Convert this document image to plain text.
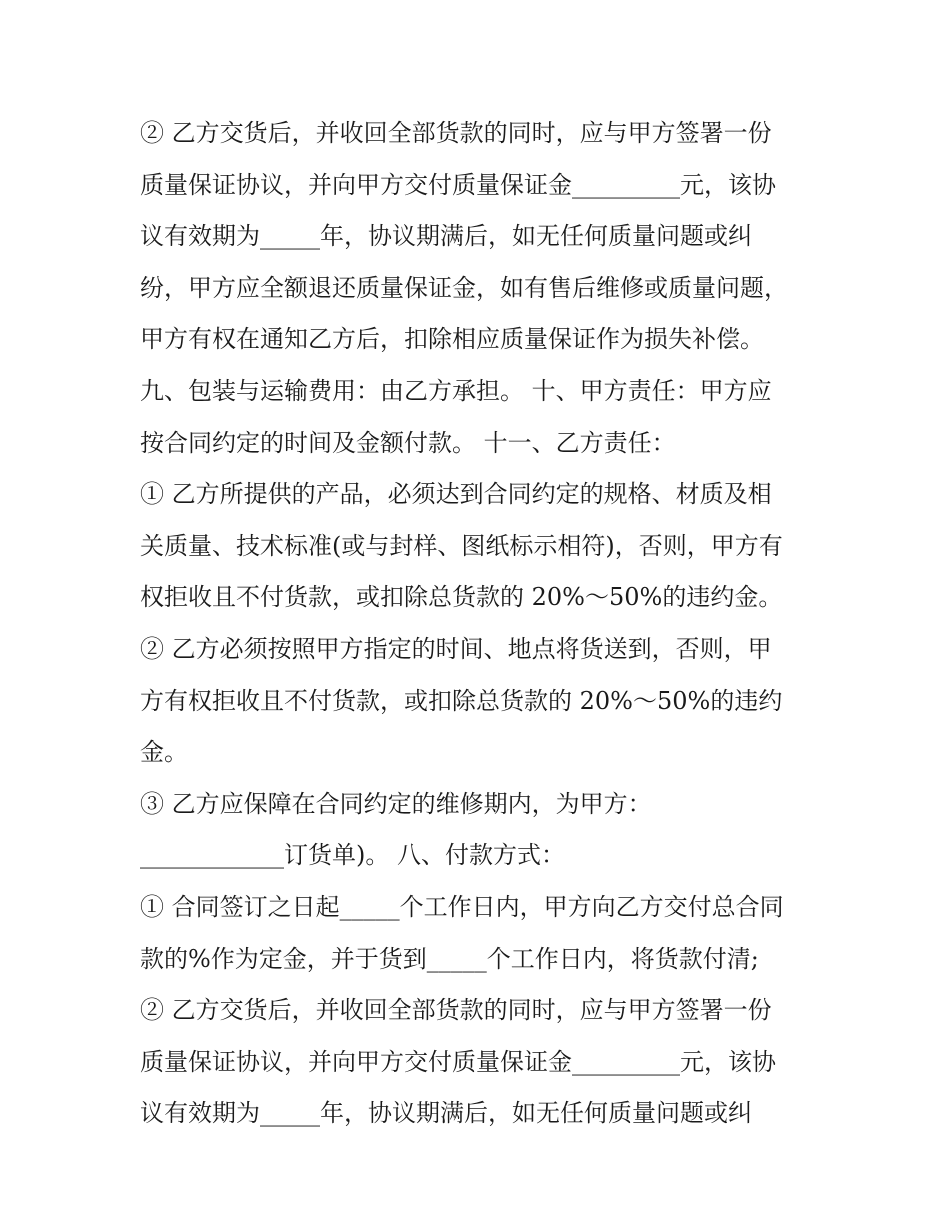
② 乙方交货后，并收回全部货款的同时，应与甲方签署一份
质量保证协议，并向甲方交付质量保证金_________元，该协
议有效期为_____年，协议期满后，如无任何质量问题或纠
纷，甲方应全额退还质量保证金，如有售后维修或质量问题，
甲方有权在通知乙方后，扣除相应质量保证作为损失补偿。
九、包装与运输费用：由乙方承担。 十、甲方责任：甲方应
按合同约定的时间及金额付款。 十一、乙方责任：
① 乙方所提供的产品，必须达到合同约定的规格、材质及相
关质量、技术标准(或与封样、图纸标示相符)，否则，甲方有
权拒收且不付货款，或扣除总货款的 20%～50%的违约金。
② 乙方必须按照甲方指定的时间、地点将货送到，否则，甲
方有权拒收且不付货款，或扣除总货款的 20%～50%的违约
金。
③ 乙方应保障在合同约定的维修期内，为甲方：
____________订货单)。 八、付款方式：
① 合同签订之日起_____个工作日内，甲方向乙方交付总合同
款的%作为定金，并于货到_____个工作日内，将货款付清;
② 乙方交货后，并收回全部货款的同时，应与甲方签署一份
质量保证协议，并向甲方交付质量保证金_________元，该协
议有效期为_____年，协议期满后，如无任何质量问题或纠
